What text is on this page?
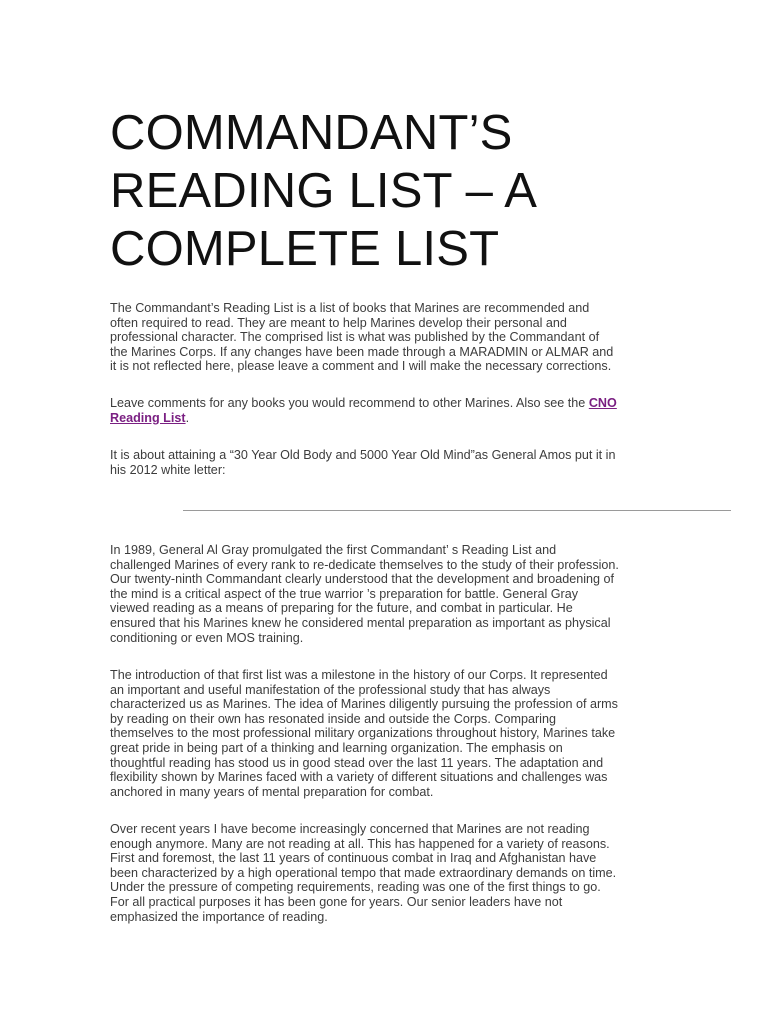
COMMANDANT’S
READING LIST – A
COMPLETE LIST

The Commandant’s Reading List is a list of books that Marines are recommended and
often required to read. They are meant to help Marines develop their personal and
professional character. The comprised list is what was published by the Commandant of
the Marines Corps. If any changes have been made through a MARADMIN or ALMAR and
it is not reflected here, please leave a comment and I will make the necessary corrections.

Leave comments for any books you would recommend to other Marines. Also see the CNO
Reading List.

It is about attaining a “30 Year Old Body and 5000 Year Old Mind”as General Amos put it in
his 2012 white letter:

In 1989, General Al Gray promulgated the first Commandant’ s Reading List and
challenged Marines of every rank to re-dedicate themselves to the study of their profession.
Our twenty-ninth Commandant clearly understood that the development and broadening of
the mind is a critical aspect of the true warrior ’s preparation for battle. General Gray
viewed reading as a means of preparing for the future, and combat in particular. He
ensured that his Marines knew he considered mental preparation as important as physical
conditioning or even MOS training.

The introduction of that first list was a milestone in the history of our Corps. It represented
an important and useful manifestation of the professional study that has always
characterized us as Marines. The idea of Marines diligently pursuing the profession of arms
by reading on their own has resonated inside and outside the Corps. Comparing
themselves to the most professional military organizations throughout history, Marines take
great pride in being part of a thinking and learning organization. The emphasis on
thoughtful reading has stood us in good stead over the last 11 years. The adaptation and
flexibility shown by Marines faced with a variety of different situations and challenges was
anchored in many years of mental preparation for combat.

Over recent years I have become increasingly concerned that Marines are not reading
enough anymore. Many are not reading at all. This has happened for a variety of reasons.
First and foremost, the last 11 years of continuous combat in Iraq and Afghanistan have
been characterized by a high operational tempo that made extraordinary demands on time.
Under the pressure of competing requirements, reading was one of the first things to go.
For all practical purposes it has been gone for years. Our senior leaders have not
emphasized the importance of reading.
